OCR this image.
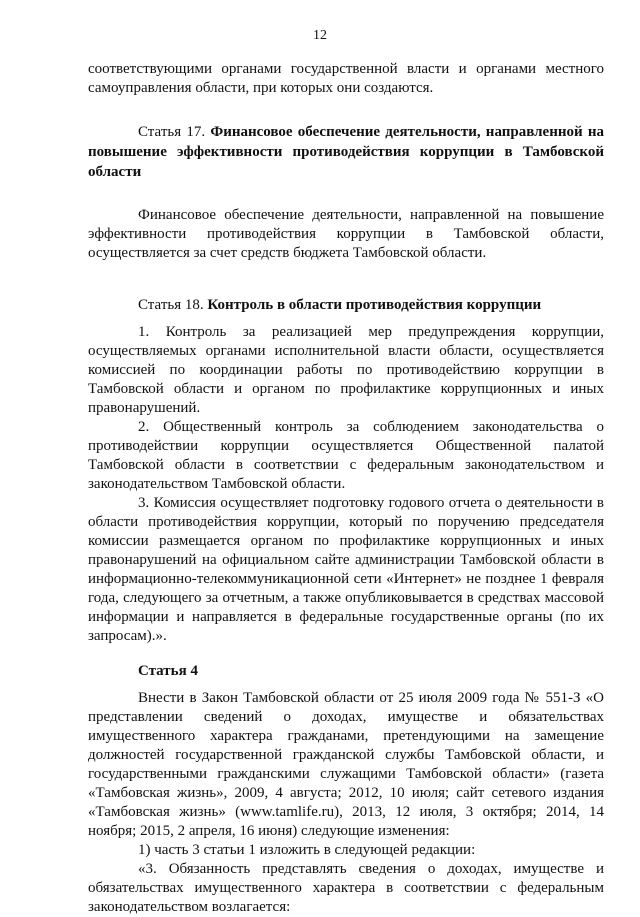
12

соответствующими органами государственной власти и органами местного самоуправления области, при которых они создаются.

Статья 17. Финансовое обеспечение деятельности, направленной на повышение эффективности противодействия коррупции в Тамбовской области

Финансовое обеспечение деятельности, направленной на повышение эффективности противодействия коррупции в Тамбовской области, осуществляется за счет средств бюджета Тамбовской области.

Статья 18. Контроль в области противодействия коррупции

1. Контроль за реализацией мер предупреждения коррупции, осуществляемых органами исполнительной власти области, осуществляется комиссией по координации работы по противодействию коррупции в Тамбовской области и органом по профилактике коррупционных и иных правонарушений.

2. Общественный контроль за соблюдением законодательства о противодействии коррупции осуществляется Общественной палатой Тамбовской области в соответствии с федеральным законодательством и законодательством Тамбовской области.

3. Комиссия осуществляет подготовку годового отчета о деятельности в области противодействия коррупции, который по поручению председателя комиссии размещается органом по профилактике коррупционных и иных правонарушений на официальном сайте администрации Тамбовской области в информационно-телекоммуникационной сети «Интернет» не позднее 1 февраля года, следующего за отчетным, а также опубликовывается в средствах массовой информации и направляется в федеральные государственные органы (по их запросам).».

Статья 4

Внести в Закон Тамбовской области от 25 июля 2009 года № 551-З «О представлении сведений о доходах, имуществе и обязательствах имущественного характера гражданами, претендующими на замещение должностей государственной гражданской службы Тамбовской области, и государственными гражданскими служащими Тамбовской области» (газета «Тамбовская жизнь», 2009, 4 августа; 2012, 10 июля; сайт сетевого издания «Тамбовская жизнь» (www.tamlife.ru), 2013, 12 июля, 3 октября; 2014, 14 ноября; 2015, 2 апреля, 16 июня) следующие изменения:

1) часть 3 статьи 1 изложить в следующей редакции:

«3. Обязанность представлять сведения о доходах, имуществе и обязательствах имущественного характера в соответствии с федеральным законодательством возлагается:
